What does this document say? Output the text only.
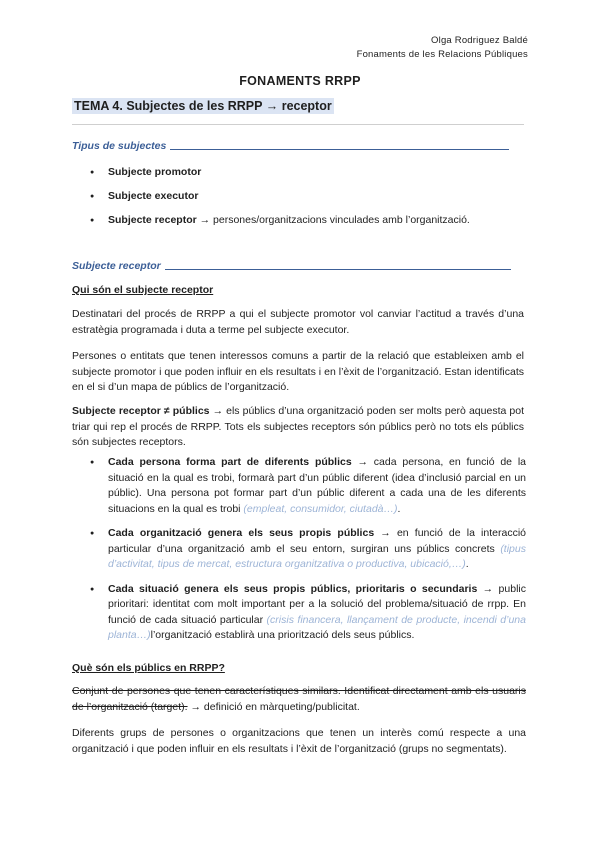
Olga Rodriguez Baldé
Fonaments de les Relacions Públiques
FONAMENTS RRPP
TEMA 4. Subjectes de les RRPP → receptor
Tipus de subjectes
● Subjecte promotor
● Subjecte executor
● Subjecte receptor → persones/organitzacions vinculades amb l’organització.
Subjecte receptor
Qui són el subjecte receptor

Destinatari del procés de RRPP a qui el subjecte promotor vol canviar l’actitud a través d’una estratègia programada i duta a terme pel subjecte executor.

Persones o entitats que tenen interessos comuns a partir de la relació que estableixen amb el subjecte promotor i que poden influir en els resultats i en l’èxit de l’organització. Estan identificats en el si d’un mapa de públics de l’organització.

Subjecte receptor ≠ públics → els públics d’una organització poden ser molts però aquesta pot triar qui rep el procés de RRPP. Tots els subjectes receptors són públics però no tots els públics són subjectes receptors.

● Cada persona forma part de diferents públics → cada persona, en funció de la situació en la qual es trobi, formarà part d’un públic diferent (idea d’inclusió parcial en un públic). Una persona pot formar part d’un públic diferent a cada una de les diferents situacions en la qual es trobi (empleat, consumidor, ciutadà…).
● Cada organització genera els seus propis públics → en funció de la interacció particular d’una organització amb el seu entorn, surgiran uns públics concrets (tipus d’activitat, tipus de mercat, estructura organitzativa o productiva, ubicació,…).
● Cada situació genera els seus propis públics, prioritaris o secundaris → public prioritari: identitat com molt important per a la solució del problema/situació de rrpp. En funció de cada situació particular (crisis financera, llançament de producte, incendi d’una planta…)l’organització establirà una priorització dels seus públics.
Què són els públics en RRPP?

Conjunt de persones que tenen característiques similars. Identificat directament amb els usuaris de l’organització (target). → definició en màrqueting/publicitat.

Diferents grups de persones o organitzacions que tenen un interès comú respecte a una organització i que poden influir en els resultats i l’èxit de l’organització (grups no segmentats).
